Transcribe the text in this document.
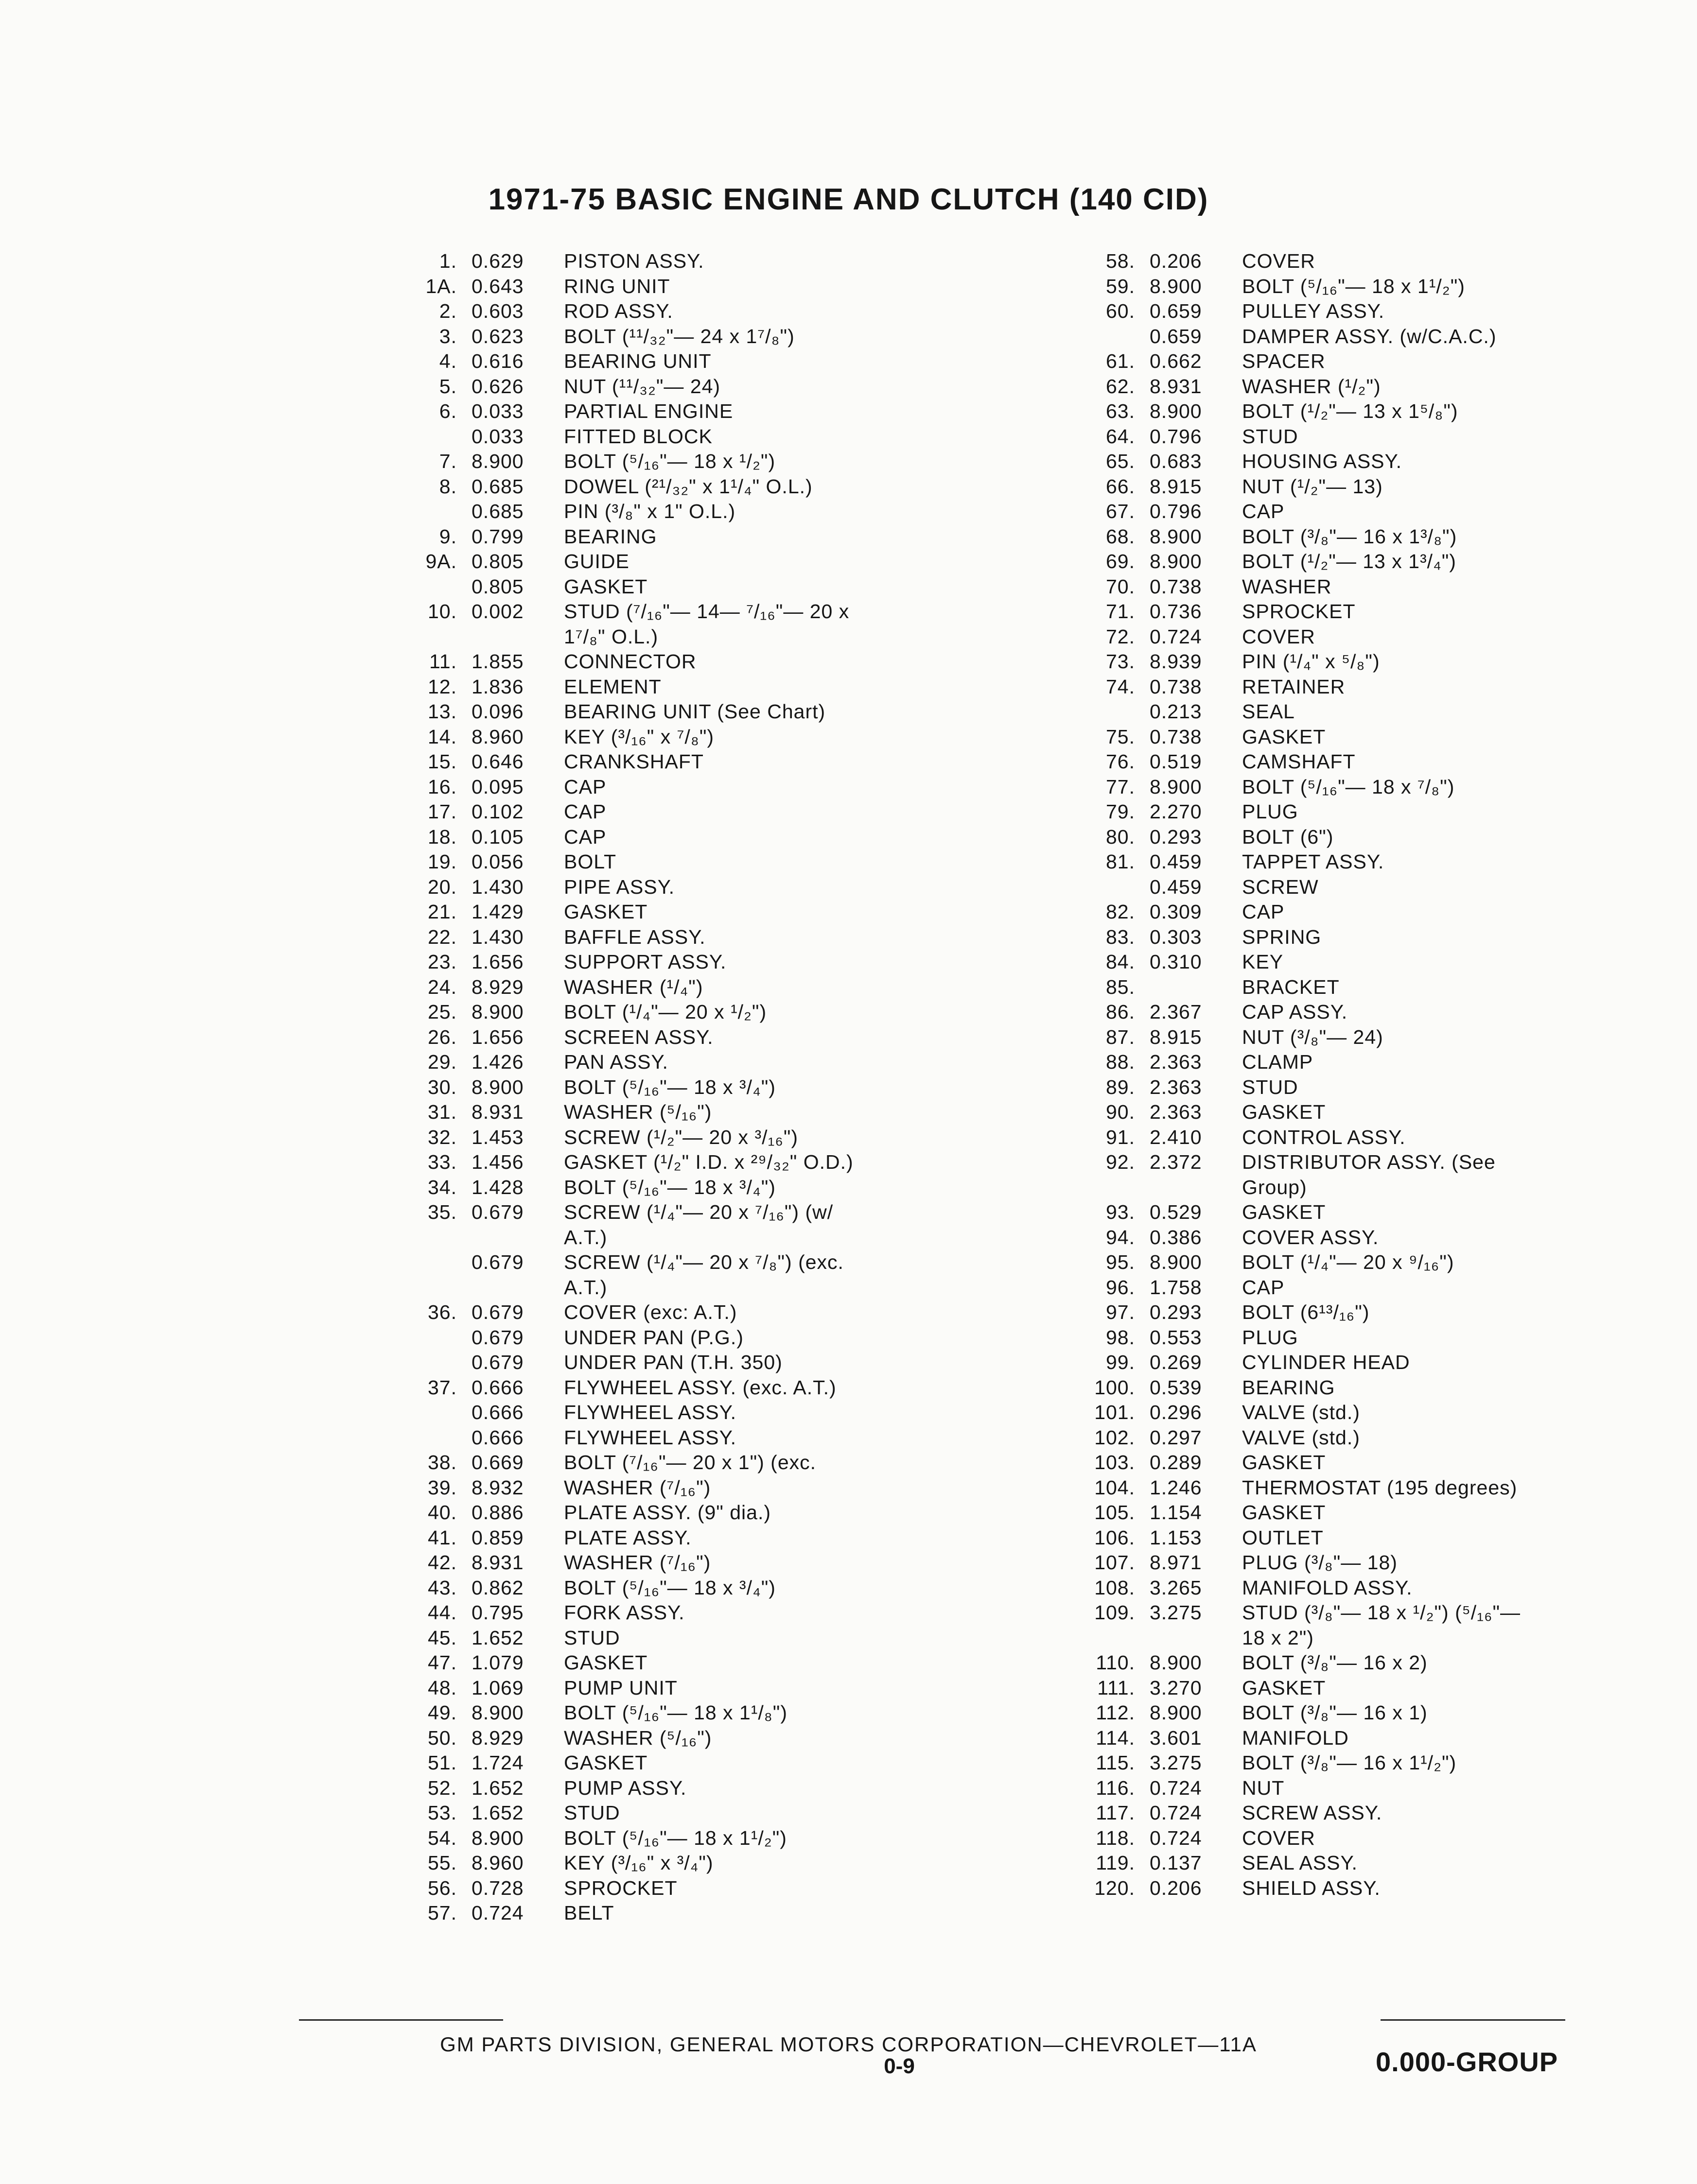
1971-75 BASIC ENGINE AND CLUTCH (140 CID)
1. 0.629	PISTON ASSY.
1A. 0.643	RING UNIT
2. 0.603	ROD ASSY.
3. 0.623	BOLT (¹¹/₃₂"— 24 x 1⁷/₈")
4. 0.616	BEARING UNIT
5. 0.626	NUT (¹¹/₃₂"— 24)
6. 0.033	PARTIAL ENGINE
0.033	FITTED BLOCK
7. 8.900	BOLT (⁵/₁₆"— 18 x ¹/₂")
8. 0.685	DOWEL (²¹/₃₂" x 1¹/₄" O.L.)
0.685	PIN (³/₈" x 1" O.L.)
9. 0.799	BEARING
9A. 0.805	GUIDE
0.805	GASKET
10. 0.002	STUD (⁷/₁₆"— 14— ⁷/₁₆"— 20 x
1⁷/₈" O.L.)
11. 1.855	CONNECTOR
12. 1.836	ELEMENT
13. 0.096	BEARING UNIT (See Chart)
14. 8.960	KEY (³/₁₆" x ⁷/₈")
15. 0.646	CRANKSHAFT
16. 0.095	CAP
17. 0.102	CAP
18. 0.105	CAP
19. 0.056	BOLT
20. 1.430	PIPE ASSY.
21. 1.429	GASKET
22. 1.430	BAFFLE ASSY.
23. 1.656	SUPPORT ASSY.
24. 8.929	WASHER (¹/₄")
25. 8.900	BOLT (¹/₄"— 20 x ¹/₂")
26. 1.656	SCREEN ASSY.
29. 1.426	PAN ASSY.
30. 8.900	BOLT (⁵/₁₆"— 18 x ³/₄")
31. 8.931	WASHER (⁵/₁₆")
32. 1.453	SCREW (¹/₂"— 20 x ³/₁₆")
33. 1.456	GASKET (¹/₂" I.D. x ²⁹/₃₂" O.D.)
34. 1.428	BOLT (⁵/₁₆"— 18 x ³/₄")
35. 0.679	SCREW (¹/₄"— 20 x ⁷/₁₆") (w/
A.T.)
0.679	SCREW (¹/₄"— 20 x ⁷/₈") (exc.
A.T.)
36. 0.679	COVER (exc: A.T.)
0.679	UNDER PAN (P.G.)
0.679	UNDER PAN (T.H. 350)
37. 0.666	FLYWHEEL ASSY. (exc. A.T.)
0.666	FLYWHEEL ASSY.
0.666	FLYWHEEL ASSY.
38. 0.669	BOLT (⁷/₁₆"— 20 x 1") (exc.
39. 8.932	WASHER (⁷/₁₆")
40. 0.886	PLATE ASSY. (9" dia.)
41. 0.859	PLATE ASSY.
42. 8.931	WASHER (⁷/₁₆")
43. 0.862	BOLT (⁵/₁₆"— 18 x ³/₄")
44. 0.795	FORK ASSY.
45. 1.652	STUD
47. 1.079	GASKET
48. 1.069	PUMP UNIT
49. 8.900	BOLT (⁵/₁₆"— 18 x 1¹/₈")
50. 8.929	WASHER (⁵/₁₆")
51. 1.724	GASKET
52. 1.652	PUMP ASSY.
53. 1.652	STUD
54. 8.900	BOLT (⁵/₁₆"— 18 x 1¹/₂")
55. 8.960	KEY (³/₁₆" x ³/₄")
56. 0.728	SPROCKET
57. 0.724	BELT
58. 0.206	COVER
59. 8.900	BOLT (⁵/₁₆"— 18 x 1¹/₂")
60. 0.659	PULLEY ASSY.
0.659	DAMPER ASSY. (w/C.A.C.)
61. 0.662	SPACER
62. 8.931	WASHER (¹/₂")
63. 8.900	BOLT (¹/₂"— 13 x 1⁵/₈")
64. 0.796	STUD
65. 0.683	HOUSING ASSY.
66. 8.915	NUT (¹/₂"— 13)
67. 0.796	CAP
68. 8.900	BOLT (³/₈"— 16 x 1³/₈")
69. 8.900	BOLT (¹/₂"— 13 x 1³/₄")
70. 0.738	WASHER
71. 0.736	SPROCKET
72. 0.724	COVER
73. 8.939	PIN (¹/₄" x ⁵/₈")
74. 0.738	RETAINER
0.213	SEAL
75. 0.738	GASKET
76. 0.519	CAMSHAFT
77. 8.900	BOLT (⁵/₁₆"— 18 x ⁷/₈")
79. 2.270	PLUG
80. 0.293	BOLT (6")
81. 0.459	TAPPET ASSY.
0.459	SCREW
82. 0.309	CAP
83. 0.303	SPRING
84. 0.310	KEY
85.	BRACKET
86. 2.367	CAP ASSY.
87. 8.915	NUT (³/₈"— 24)
88. 2.363	CLAMP
89. 2.363	STUD
90. 2.363	GASKET
91. 2.410	CONTROL ASSY.
92. 2.372	DISTRIBUTOR ASSY. (See
Group)
93. 0.529	GASKET
94. 0.386	COVER ASSY.
95. 8.900	BOLT (¹/₄"— 20 x ⁹/₁₆")
96. 1.758	CAP
97. 0.293	BOLT (6¹³/₁₆")
98. 0.553	PLUG
99. 0.269	CYLINDER HEAD
100. 0.539	BEARING
101. 0.296	VALVE (std.)
102. 0.297	VALVE (std.)
103. 0.289	GASKET
104. 1.246	THERMOSTAT (195 degrees)
105. 1.154	GASKET
106. 1.153	OUTLET
107. 8.971	PLUG (³/₈"— 18)
108. 3.265	MANIFOLD ASSY.
109. 3.275	STUD (³/₈"— 18 x ¹/₂") (⁵/₁₆"—
18 x 2")
110. 8.900	BOLT (³/₈"— 16 x 2)
111. 3.270	GASKET
112. 8.900	BOLT (³/₈"— 16 x 1)
114. 3.601	MANIFOLD
115. 3.275	BOLT (³/₈"— 16 x 1¹/₂")
116. 0.724	NUT
117. 0.724	SCREW ASSY.
118. 0.724	COVER
119. 0.137	SEAL ASSY.
120. 0.206	SHIELD ASSY.
GM PARTS DIVISION, GENERAL MOTORS CORPORATION—CHEVROLET—11A
0-9	0.000-GROUP
